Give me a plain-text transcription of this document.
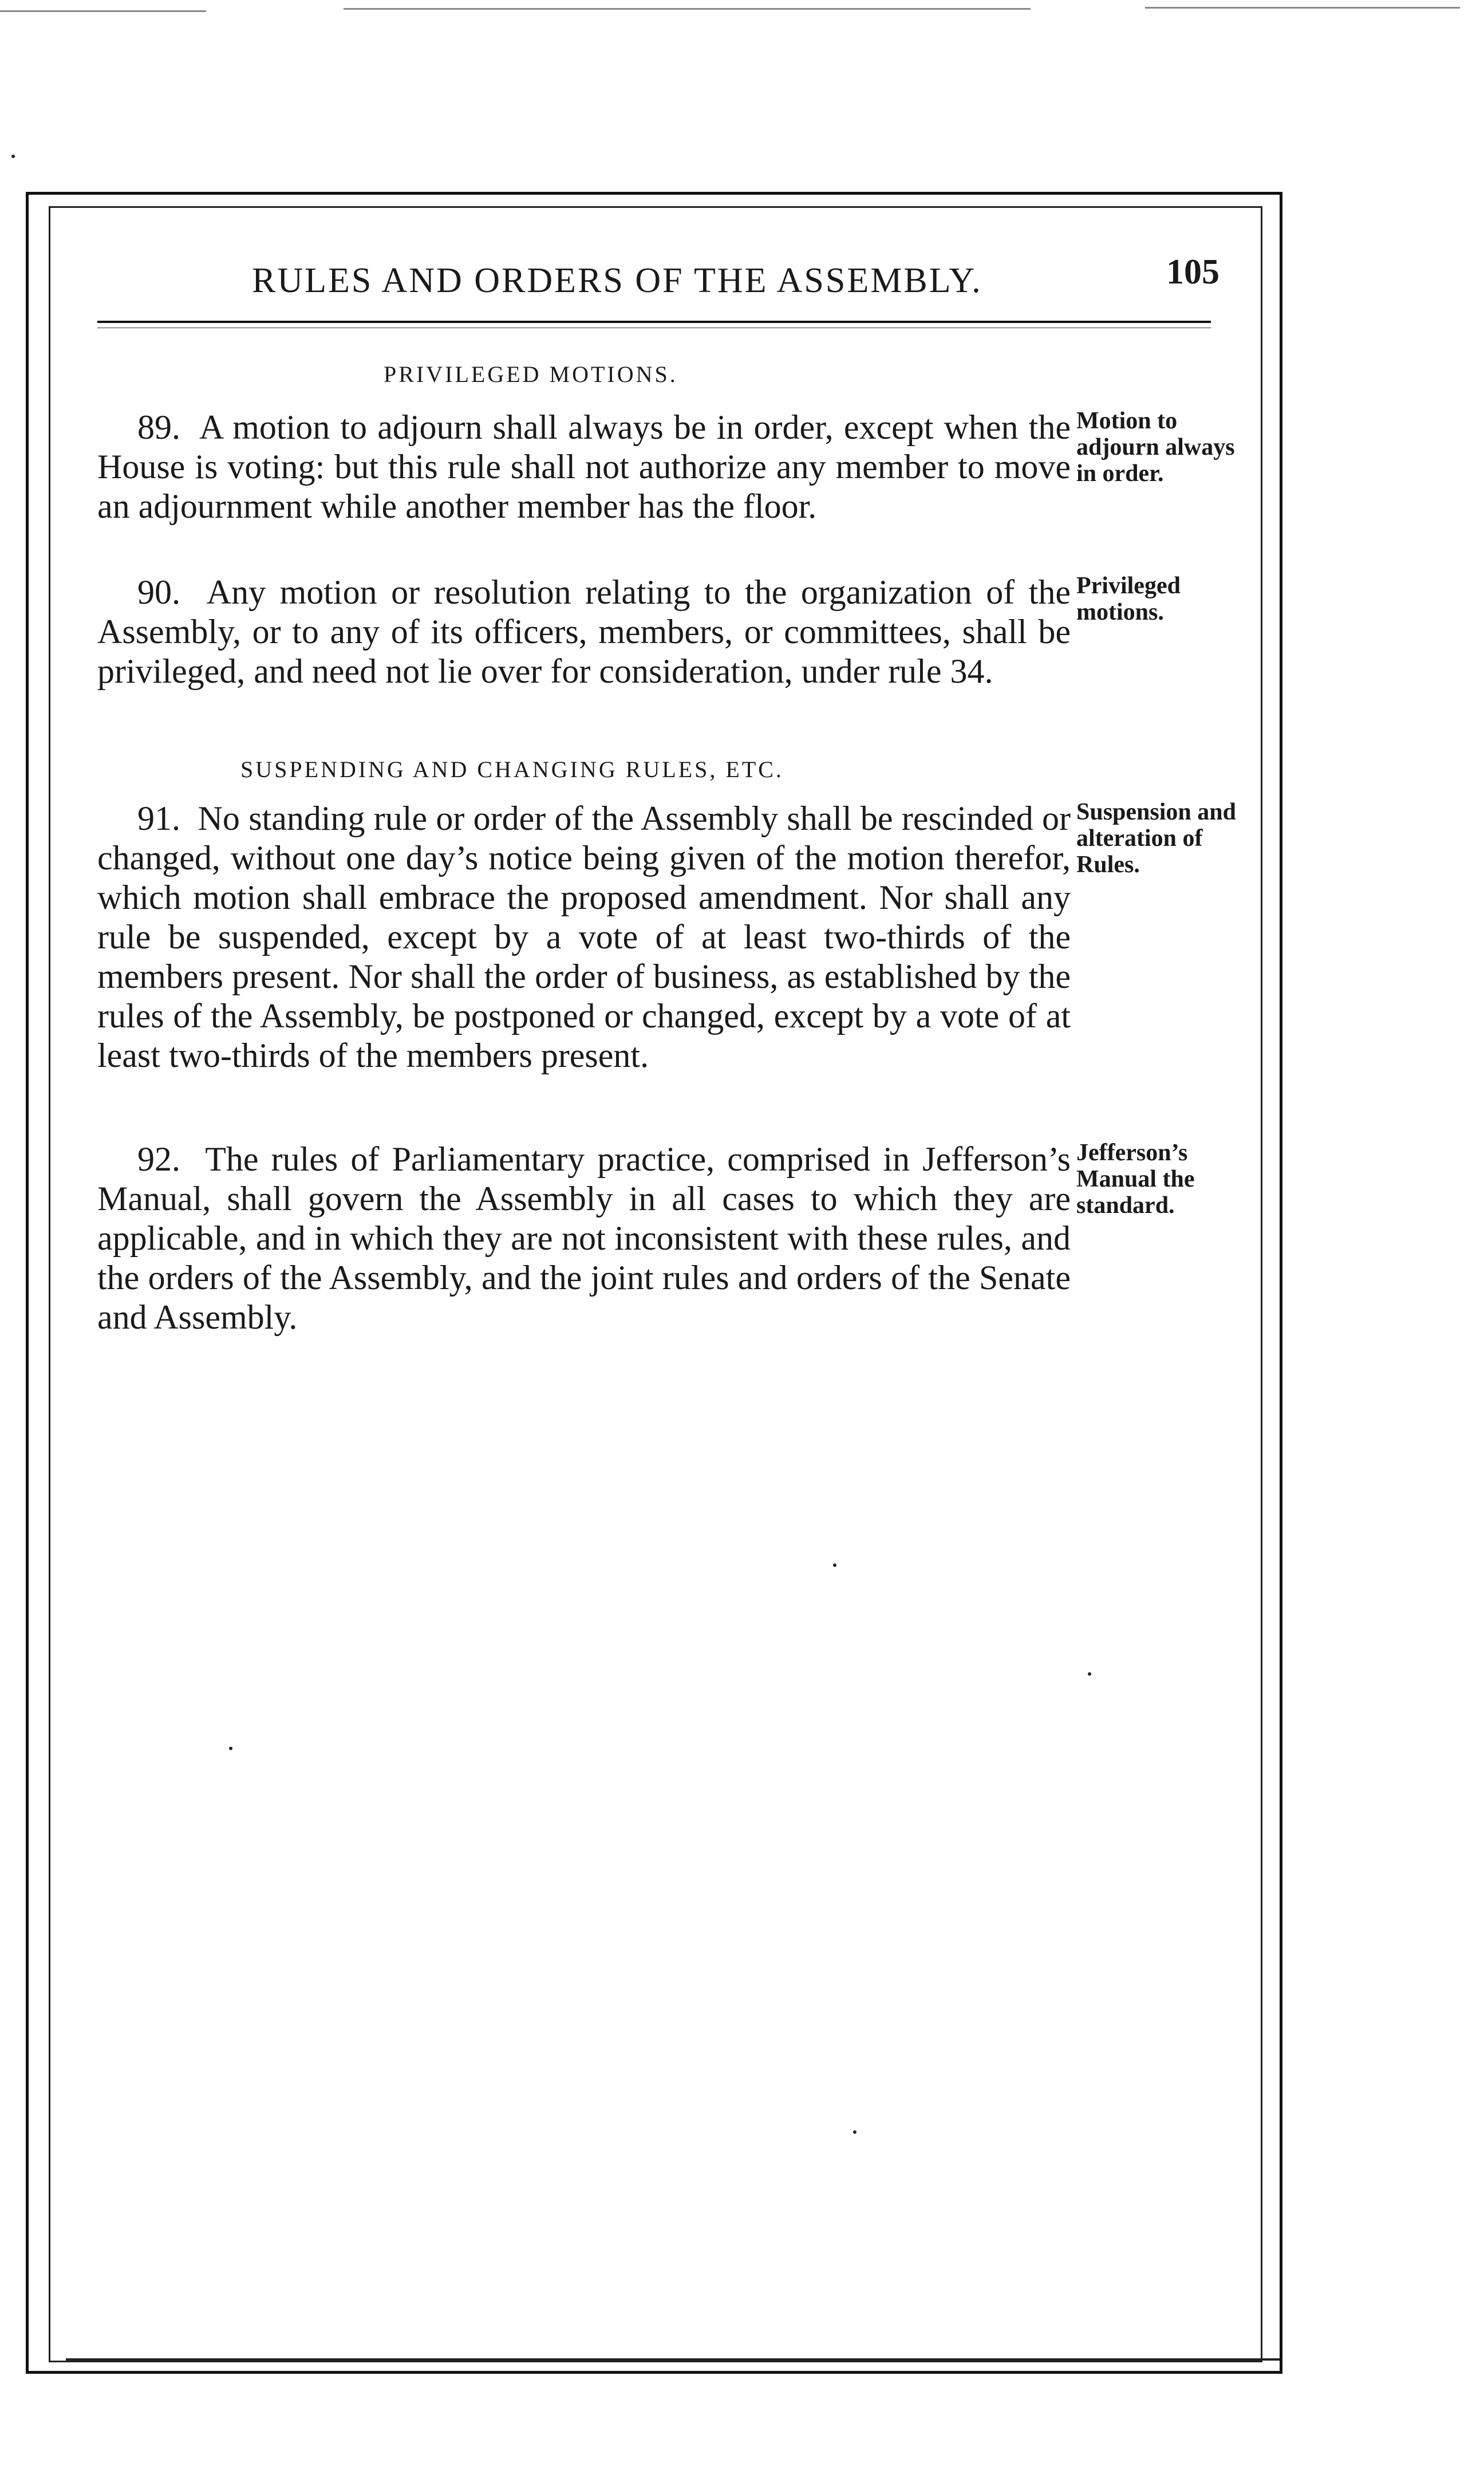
RULES AND ORDERS OF THE ASSEMBLY.	105
PRIVILEGED MOTIONS.
89. A motion to adjourn shall always be in order, except when the House is voting: but this rule shall not authorize any member to move an adjournment while another member has the floor.
Motion to adjourn always in order.
90. Any motion or resolution relating to the organization of the Assembly, or to any of its officers, members, or committees, shall be privileged, and need not lie over for consideration, under rule 34.
Privileged motions.
SUSPENDING AND CHANGING RULES, ETC.
91. No standing rule or order of the Assembly shall be rescinded or changed, without one day’s notice being given of the motion therefor, which motion shall embrace the proposed amendment. Nor shall any rule be suspended, except by a vote of at least two-thirds of the members present. Nor shall the order of business, as established by the rules of the Assembly, be postponed or changed, except by a vote of at least two-thirds of the members present.
Suspension and alteration of Rules.
92. The rules of Parliamentary practice, comprised in Jefferson’s Manual, shall govern the Assembly in all cases to which they are applicable, and in which they are not inconsistent with these rules, and the orders of the Assembly, and the joint rules and orders of the Senate and Assembly.
Jefferson’s Manual the standard.
